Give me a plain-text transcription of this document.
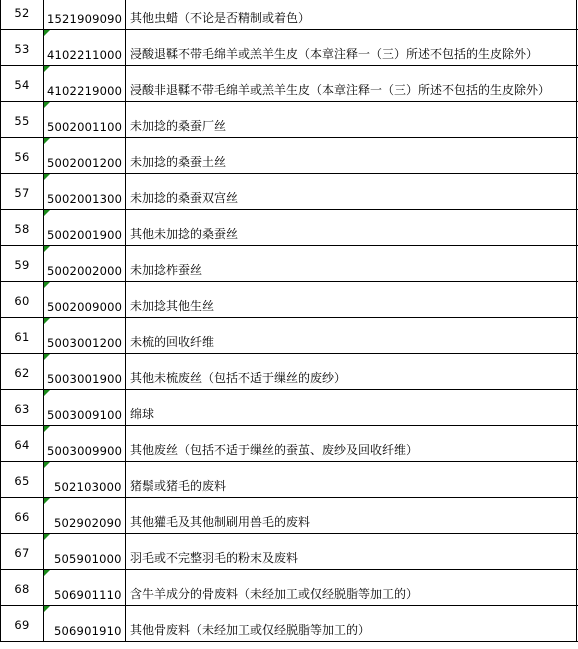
52	1521909090 其他虫蜡（不论是否精制或着色）
53	4102211000 浸酸退鞣不带毛绵羊或羔羊生皮（本章注释一（三）所述不包括的生皮除外）
54	4102219000 浸酸非退鞣不带毛绵羊或羔羊生皮（本章注释一（三）所述不包括的生皮除外）
55	5002001100 未加捻的桑蚕厂丝
56	5002001200 未加捻的桑蚕土丝
57	5002001300 未加捻的桑蚕双宫丝
58	5002001900 其他未加捻的桑蚕丝
59	5002002000 未加捻柞蚕丝
60	5002009000 未加捻其他生丝
61	5003001200 未梳的回收纤维
62	5003001900 其他未梳废丝（包括不适于缫丝的废纱）
63	5003009100 绵球
64	5003009900 其他废丝（包括不适于缫丝的蚕茧、废纱及回收纤维）
65	502103000 猪鬃或猪毛的废料
66	502902090 其他獾毛及其他制刷用兽毛的废料
67	505901000 羽毛或不完整羽毛的粉末及废料
68	506901110 含牛羊成分的骨废料（未经加工或仅经脱脂等加工的）
69	506901910 其他骨废料（未经加工或仅经脱脂等加工的）
